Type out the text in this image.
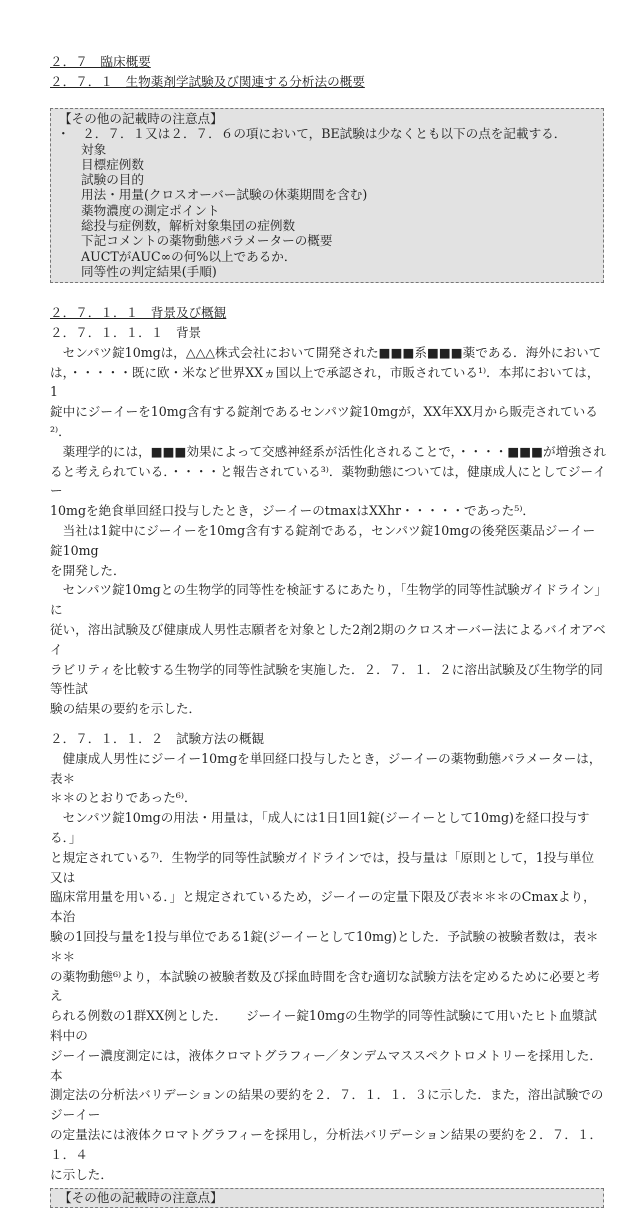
２．７　臨床概要
２．７．１　生物薬剤学試験及び関連する分析法の概要
【その他の記載時の注意点】
・　２．７．１又は２．７．６の項において，BE試験は少なくとも以下の点を記載する．
対象
目標症例数
試験の目的
用法・用量(クロスオーバー試験の休薬期間を含む)
薬物濃度の測定ポイント
総投与症例数，解析対象集団の症例数
下記コメントの薬物動態パラメーターの概要
AUCTがAUC∞の何%以上であるか．
同等性の判定結果(手順)
２．７．１．１　背景及び概観
２．７．１．１．１　背景
　センパツ錠10mgは，△△△株式会社において開発された■■■系■■■薬である．海外においては，・・・・・既に欧・米など世界XXヵ国以上で承認され，市販されている¹⁾．本邦においては，1
錠中にジーイーを10mg含有する錠剤であるセンパツ錠10mgが，XX年XX月から販売されている²⁾．
　薬理学的には，■■■効果によって交感神経系が活性化されることで，・・・・■■■が増強され
ると考えられている．・・・・と報告されている³⁾．薬物動態については，健康成人にとしてジーイー
10mgを絶食単回経口投与したとき，ジーイーのtmaxはXXhr・・・・・であった⁵⁾．
　当社は1錠中にジーイーを10mg含有する錠剤である，センパツ錠10mgの後発医薬品ジーイー錠10mg
を開発した．
　センパツ錠10mgとの生物学的同等性を検証するにあたり，「生物学的同等性試験ガイドライン」に
従い，溶出試験及び健康成人男性志願者を対象とした2剤2期のクロスオーバー法によるバイオアベイ
ラビリティを比較する生物学的同等性試験を実施した．２．７．１．２に溶出試験及び生物学的同等性試
験の結果の要約を示した．
２．７．１．１．２　試験方法の概観
　健康成人男性にジーイー10mgを単回経口投与したとき，ジーイーの薬物動態パラメーターは，表＊
＊＊のとおりであった⁶⁾．
　センパツ錠10mgの用法・用量は，「成人には1日1回1錠(ジーイーとして10mg)を経口投与する．」
と規定されている⁷⁾．生物学的同等性試験ガイドラインでは，投与量は「原則として，1投与単位又は
臨床常用量を用いる．」と規定されているため，ジーイーの定量下限及び表＊＊＊のCmaxより，本治
験の1回投与量を1投与単位である1錠(ジーイーとして10mg)とした．予試験の被験者数は，表＊＊＊
の薬物動態⁶⁾より，本試験の被験者数及び採血時間を含む適切な試験方法を定めるために必要と考え
られる例数の1群XX例とした．　　ジーイー錠10mgの生物学的同等性試験にて用いたヒト血漿試料中の
ジーイー濃度測定には，液体クロマトグラフィー／タンデムマススペクトロメトリーを採用した．本
測定法の分析法バリデーションの結果の要約を２．７．１．１．３に示した．また，溶出試験でのジーイー
の定量法には液体クロマトグラフィーを採用し，分析法バリデーション結果の要約を２．７．１．１．４
に示した．
【その他の記載時の注意点】
